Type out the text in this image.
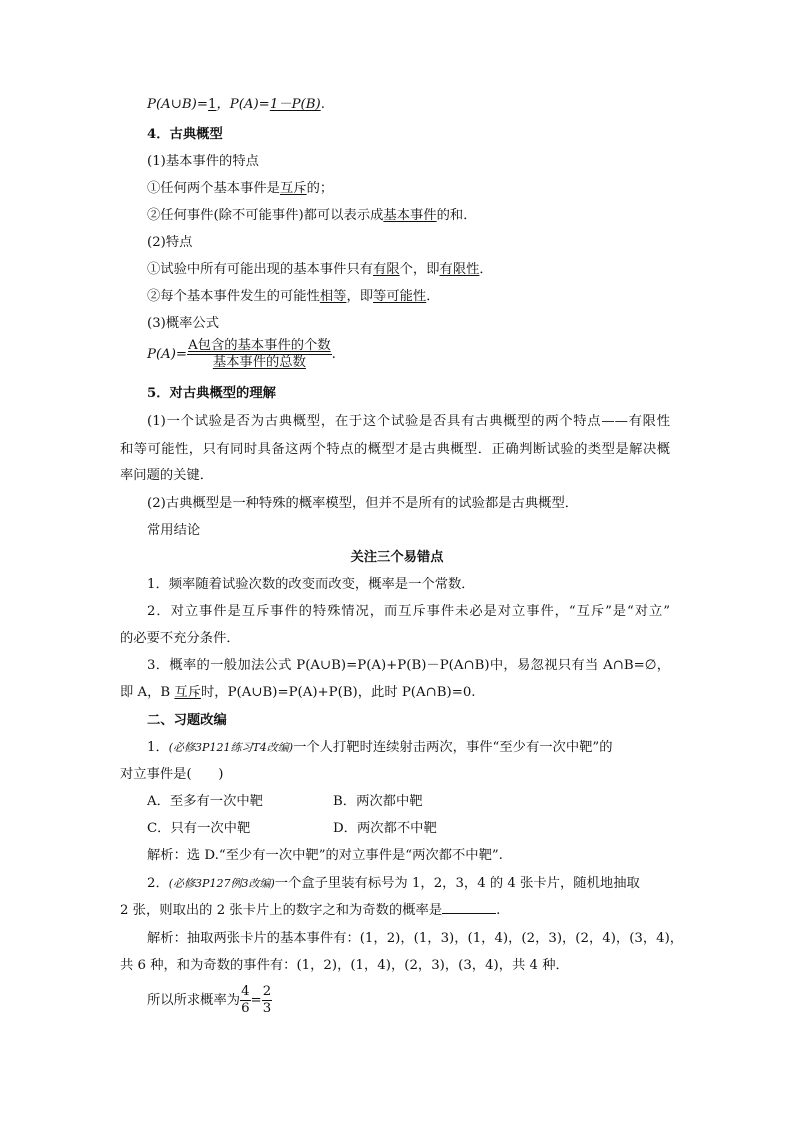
P(A∪B)=1，P(A)=1－P(B).
4．古典概型
(1)基本事件的特点
①任何两个基本事件是互斥的；
②任何事件(除不可能事件)都可以表示成基本事件的和．
(2)特点
①试验中所有可能出现的基本事件只有有限个，即有限性．
②每个基本事件发生的可能性相等，即等可能性．
(3)概率公式
$P(A)= \frac{\text{A包含的基本事件的个数}}{\text{基本事件的总数}}$ .
5．对古典概型的理解
(1)一个试验是否为古典概型，在于这个试验是否具有古典概型的两个特点——有限性
和等可能性，只有同时具备这两个特点的概型才是古典概型．正确判断试验的类型是解决概
率问题的关键．
(2)古典概型是一种特殊的概率模型，但并不是所有的试验都是古典概型．
常用结论
关注三个易错点
1．频率随着试验次数的改变而改变，概率是一个常数．
2．对立事件是互斥事件的特殊情况，而互斥事件未必是对立事件，“互斥”是“对立”
的必要不充分条件．
3．概率的一般加法公式 P(A∪B)=P(A)+P(B)－P(A∩B)中，易忽视只有当 A∩B=∅，
即 A，B 互斥时，P(A∪B)=P(A)+P(B)，此时 P(A∩B)=0.
二、习题改编
1．(必修3P121练习T4改编)一个人打靶时连续射击两次，事件“至少有一次中靶”的
对立事件是(　　)
A．至多有一次中靶	B．两次都中靶
C．只有一次中靶	D．两次都不中靶
解析：选 D.“至少有一次中靶”的对立事件是“两次都不中靶”.
2．(必修3P127例3改编)一个盒子里装有标号为 1，2，3，4 的 4 张卡片，随机地抽取
2 张，则取出的 2 张卡片上的数字之和为奇数的概率是	.
解析：抽取两张卡片的基本事件有：(1，2)，(1，3)，(1，4)，(2，3)，(2，4)，(3，4)，
共 6 种，和为奇数的事件有：(1，2)，(1，4)，(2，3)，(3，4)，共 4 种．
所以所求概率为 $\frac{4}{6} = \frac{2}{3}$
